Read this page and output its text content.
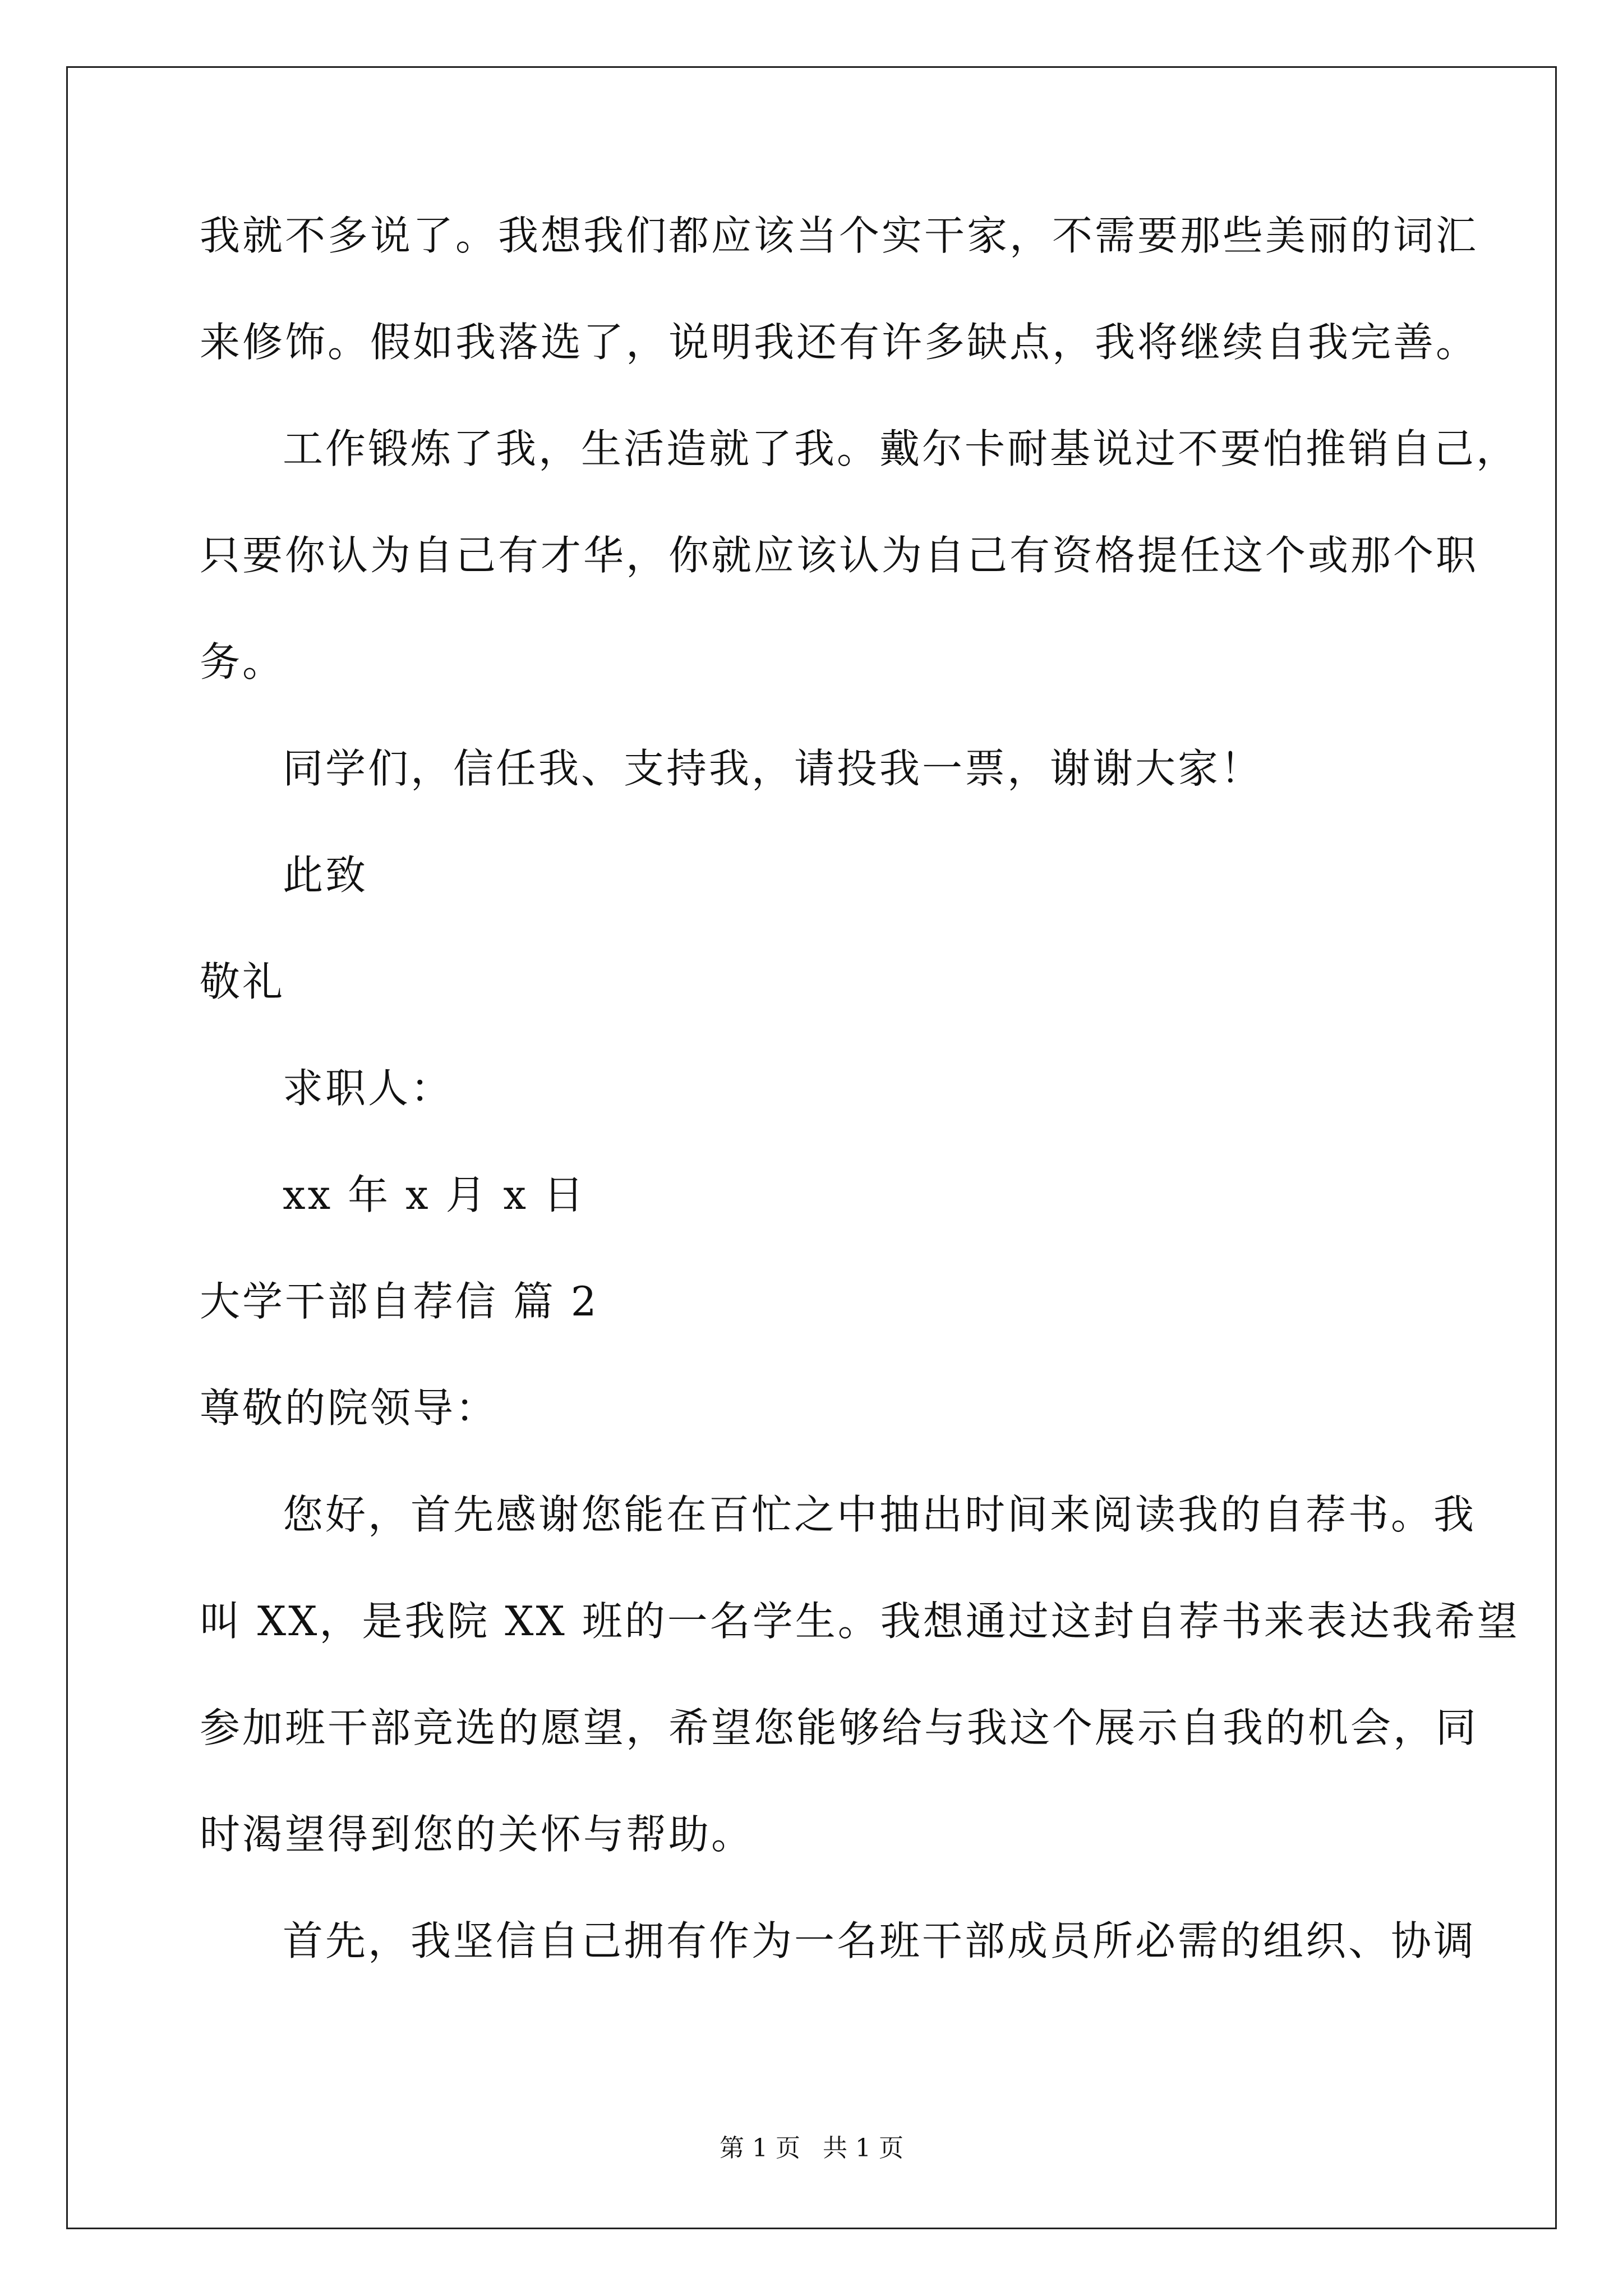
我就不多说了。我想我们都应该当个实干家，不需要那些美丽的词汇
来修饰。假如我落选了，说明我还有许多缺点，我将继续自我完善。
工作锻炼了我，生活造就了我。戴尔卡耐基说过不要怕推销自己，
只要你认为自己有才华，你就应该认为自己有资格提任这个或那个职
务。
同学们，信任我、支持我，请投我一票，谢谢大家！
此致
敬礼
求职人：
xx 年 x 月 x 日
大学干部自荐信 篇 2
尊敬的院领导：
您好，首先感谢您能在百忙之中抽出时间来阅读我的自荐书。我
叫 XX，是我院 XX 班的一名学生。我想通过这封自荐书来表达我希望
参加班干部竞选的愿望，希望您能够给与我这个展示自我的机会，同
时渴望得到您的关怀与帮助。
首先，我坚信自己拥有作为一名班干部成员所必需的组织、协调
第 1 页 共 1 页
